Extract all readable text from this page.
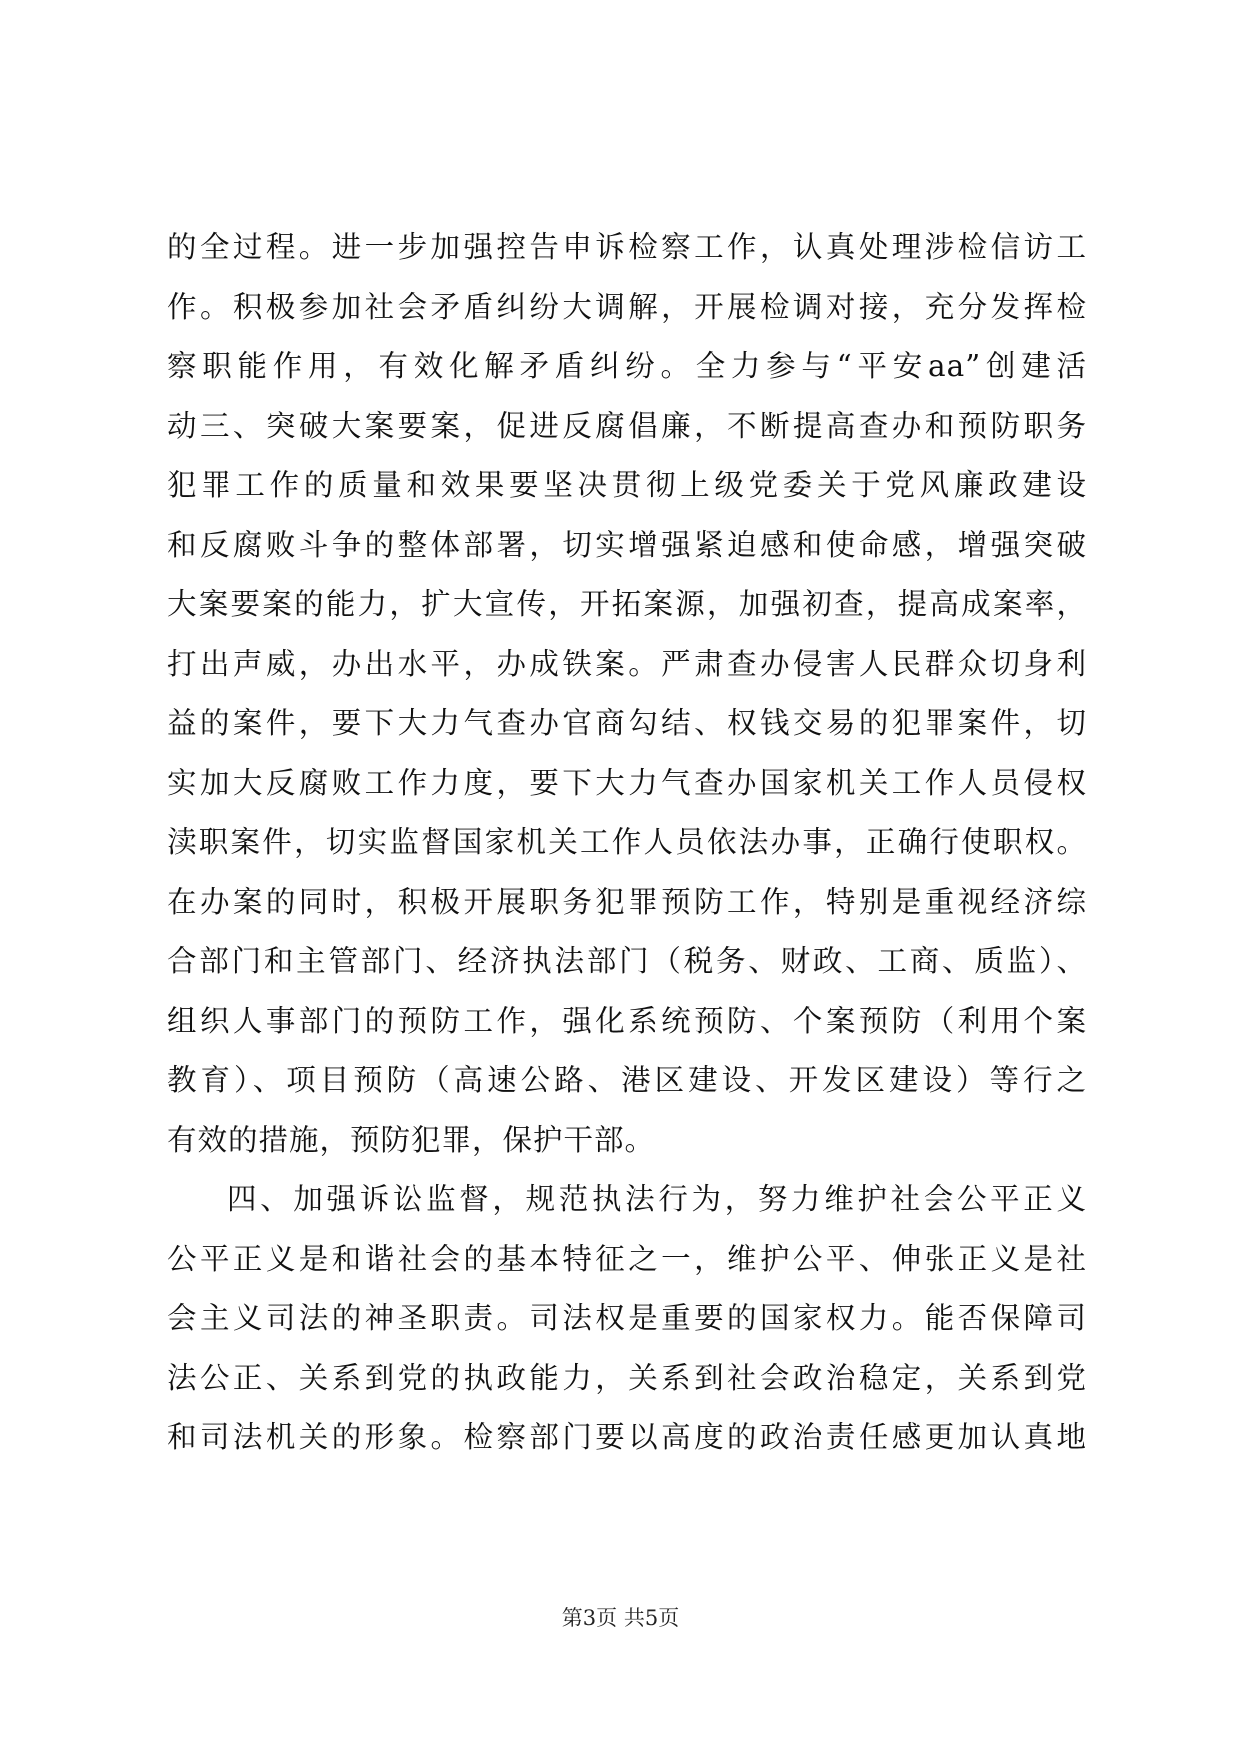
的全过程。进一步加强控告申诉检察工作，认真处理涉检信访工
作。积极参加社会矛盾纠纷大调解，开展检调对接，充分发挥检
察职能作用，有效化解矛盾纠纷。全力参与“平安aa”创建活
动三、突破大案要案，促进反腐倡廉，不断提高查办和预防职务
犯罪工作的质量和效果要坚决贯彻上级党委关于党风廉政建设
和反腐败斗争的整体部署，切实增强紧迫感和使命感，增强突破
大案要案的能力，扩大宣传，开拓案源，加强初查，提高成案率，
打出声威，办出水平，办成铁案。严肃查办侵害人民群众切身利
益的案件，要下大力气查办官商勾结、权钱交易的犯罪案件，切
实加大反腐败工作力度，要下大力气查办国家机关工作人员侵权
渎职案件，切实监督国家机关工作人员依法办事，正确行使职权。
在办案的同时，积极开展职务犯罪预防工作，特别是重视经济综
合部门和主管部门、经济执法部门（税务、财政、工商、质监）、
组织人事部门的预防工作，强化系统预防、个案预防（利用个案
教育）、项目预防（高速公路、港区建设、开发区建设）等行之
有效的措施，预防犯罪，保护干部。
四、加强诉讼监督，规范执法行为，努力维护社会公平正义
公平正义是和谐社会的基本特征之一，维护公平、伸张正义是社
会主义司法的神圣职责。司法权是重要的国家权力。能否保障司
法公正、关系到党的执政能力，关系到社会政治稳定，关系到党
和司法机关的形象。检察部门要以高度的政治责任感更加认真地
第3页 共5页
